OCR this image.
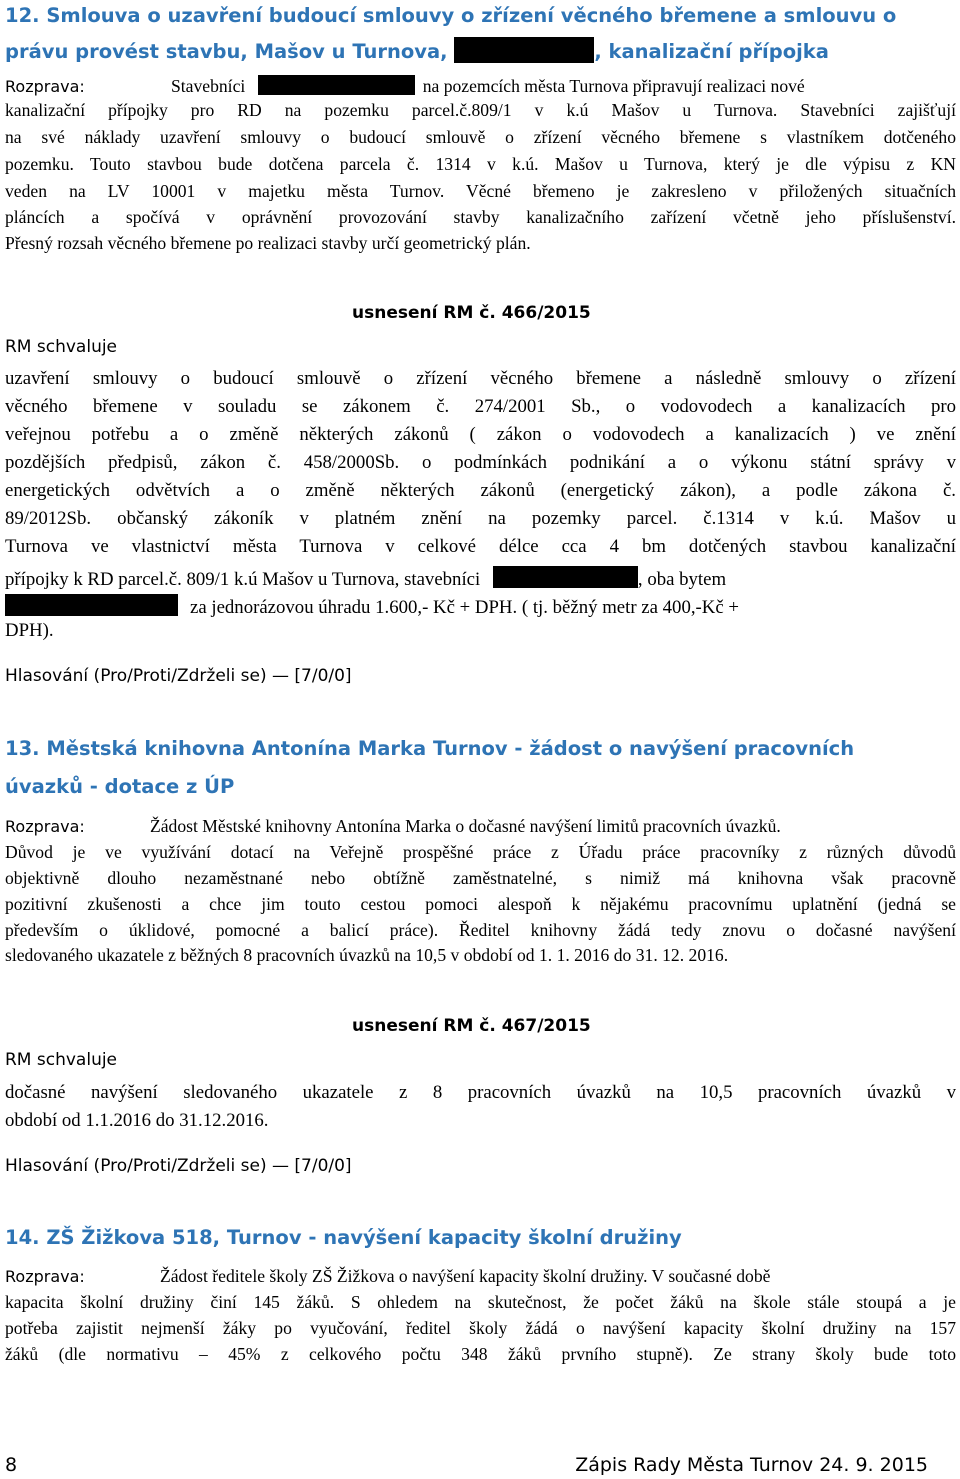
12. Smlouva o uzavření budoucí smlouvy o zřízení věcného břemene a smlouvu o

právu provést stavbu, Mašov u Turnova,	, kanalizační přípojka

Rozprava:	Stavebníci	na pozemcích města Turnova připravují realizaci nové

kanalizační přípojky pro RD na pozemku parcel.č.809/1 v k.ú Mašov u Turnova. Stavebníci zajišťují

na své náklady uzavření smlouvy o budoucí smlouvě o zřízení věcného břemene s vlastníkem dotčeného

pozemku. Touto stavbou bude dotčena parcela č. 1314 v k.ú. Mašov u Turnova, který je dle výpisu z KN

veden na LV 10001 v majetku města Turnov. Věcné břemeno je zakresleno v přiložených situačních

pláncích a spočívá v oprávnění provozování stavby kanalizačního zařízení včetně jeho příslušenství.

Přesný rozsah věcného břemene po realizaci stavby určí geometrický plán.

usnesení RM č. 466/2015

RM schvaluje

uzavření smlouvy o budoucí smlouvě o zřízení věcného břemene a následně smlouvy o zřízení

věcného břemene v souladu se zákonem č. 274/2001 Sb., o vodovodech a kanalizacích pro

veřejnou potřebu a o změně některých zákonů ( zákon o vodovodech a kanalizacích ) ve znění

pozdějších předpisů, zákon č. 458/2000Sb. o podmínkách podnikání a o výkonu státní správy v

energetických odvětvích a o změně některých zákonů (energetický zákon), a podle zákona č.

89/2012Sb. občanský zákoník v platném znění na pozemky parcel. č.1314 v k.ú. Mašov u

Turnova ve vlastnictví města Turnova v celkové délce cca 4 bm dotčených stavbou kanalizační

přípojky k RD parcel.č. 809/1 k.ú Mašov u Turnova, stavebníci	, oba bytem

za jednorázovou úhradu 1.600,- Kč + DPH. ( tj. běžný metr za 400,-Kč +

DPH).

Hlasování (Pro/Proti/Zdrželi se) — [7/0/0]

13. Městská knihovna Antonína Marka Turnov - žádost o navýšení pracovních

úvazků - dotace z ÚP

Rozprava:	Žádost Městské knihovny Antonína Marka o dočasné navýšení limitů pracovních úvazků.

Důvod je ve využívání dotací na Veřejně prospěšné práce z Úřadu práce pracovníky z různých důvodů

objektivně dlouho nezaměstnané nebo obtížně zaměstnatelné, s nimiž má knihovna však pracovně

pozitivní zkušenosti a chce jim touto cestou pomoci alespoň k nějakému pracovnímu uplatnění (jedná se

především o úklidové, pomocné a balicí práce). Ředitel knihovny žádá tedy znovu o dočasné navýšení

sledovaného ukazatele z běžných 8 pracovních úvazků na 10,5 v období od 1. 1. 2016 do 31. 12. 2016.

usnesení RM č. 467/2015

RM schvaluje

dočasné navýšení sledovaného ukazatele z 8 pracovních úvazků na 10,5 pracovních úvazků v

období od 1.1.2016 do 31.12.2016.

Hlasování (Pro/Proti/Zdrželi se) — [7/0/0]

14. ZŠ Žižkova 518, Turnov - navýšení kapacity školní družiny

Rozprava:	Žádost ředitele školy ZŠ Žižkova o navýšení kapacity školní družiny. V současné době

kapacita školní družiny činí 145 žáků. S ohledem na skutečnost, že počet žáků na škole stále stoupá a je

potřeba zajistit nejmenší žáky po vyučování, ředitel školy žádá o navýšení kapacity školní družiny na 157

žáků (dle normativu – 45% z celkového počtu 348 žáků prvního stupně). Ze strany školy bude toto

8	Zápis Rady Města Turnov 24. 9. 2015
